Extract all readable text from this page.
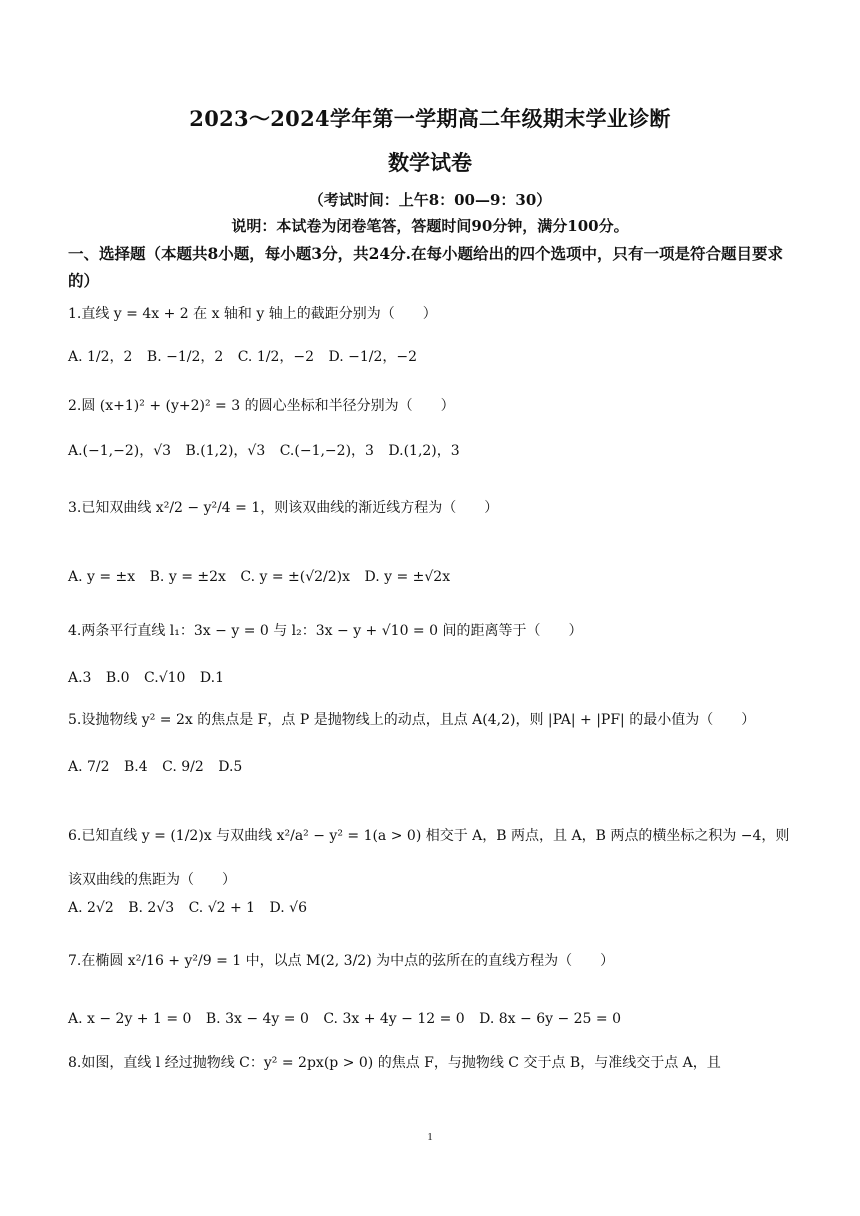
2023～2024学年第一学期高二年级期末学业诊断
数学试卷
（考试时间：上午8：00—9：30）
说明：本试卷为闭卷笔答，答题时间90分钟，满分100分。
一、选择题（本题共8小题，每小题3分，共24分.在每小题给出的四个选项中，只有一项是符合题目要求的）
1.直线 y = 4x + 2 在 x 轴和 y 轴上的截距分别为（　　）
A. 1/2，2 B. −1/2，2 C. 1/2，−2 D. −1/2，−2
2.圆 (x+1)² + (y+2)² = 3 的圆心坐标和半径分别为（　　）
A.(−1,−2)，√3 B.(1,2)，√3 C.(−1,−2)，3 D.(1,2)，3
3.已知双曲线 x²/2 − y²/4 = 1，则该双曲线的渐近线方程为（　　）
A. y = ±x B. y = ±2x C. y = ±(√2/2)x D. y = ±√2x
4.两条平行直线 l₁：3x − y = 0 与 l₂：3x − y + √10 = 0 间的距离等于（　　）
A.3 B.0 C.√10 D.1
5.设抛物线 y² = 2x 的焦点是 F，点 P 是抛物线上的动点，且点 A(4,2)，则 |PA| + |PF| 的最小值为（　　）
A. 7/2 B.4 C. 9/2 D.5
6.已知直线 y = (1/2)x 与双曲线 x²/a² − y² = 1(a > 0) 相交于 A，B 两点，且 A，B 两点的横坐标之积为 −4，则该双曲线的焦距为（　　）
A. 2√2 B. 2√3 C. √2 + 1 D. √6
7.在椭圆 x²/16 + y²/9 = 1 中，以点 M(2, 3/2) 为中点的弦所在的直线方程为（　　）
A. x − 2y + 1 = 0 B. 3x − 4y = 0 C. 3x + 4y − 12 = 0 D. 8x − 6y − 25 = 0
8.如图，直线 l 经过抛物线 C：y² = 2px(p > 0) 的焦点 F，与抛物线 C 交于点 B，与准线交于点 A，且
1
